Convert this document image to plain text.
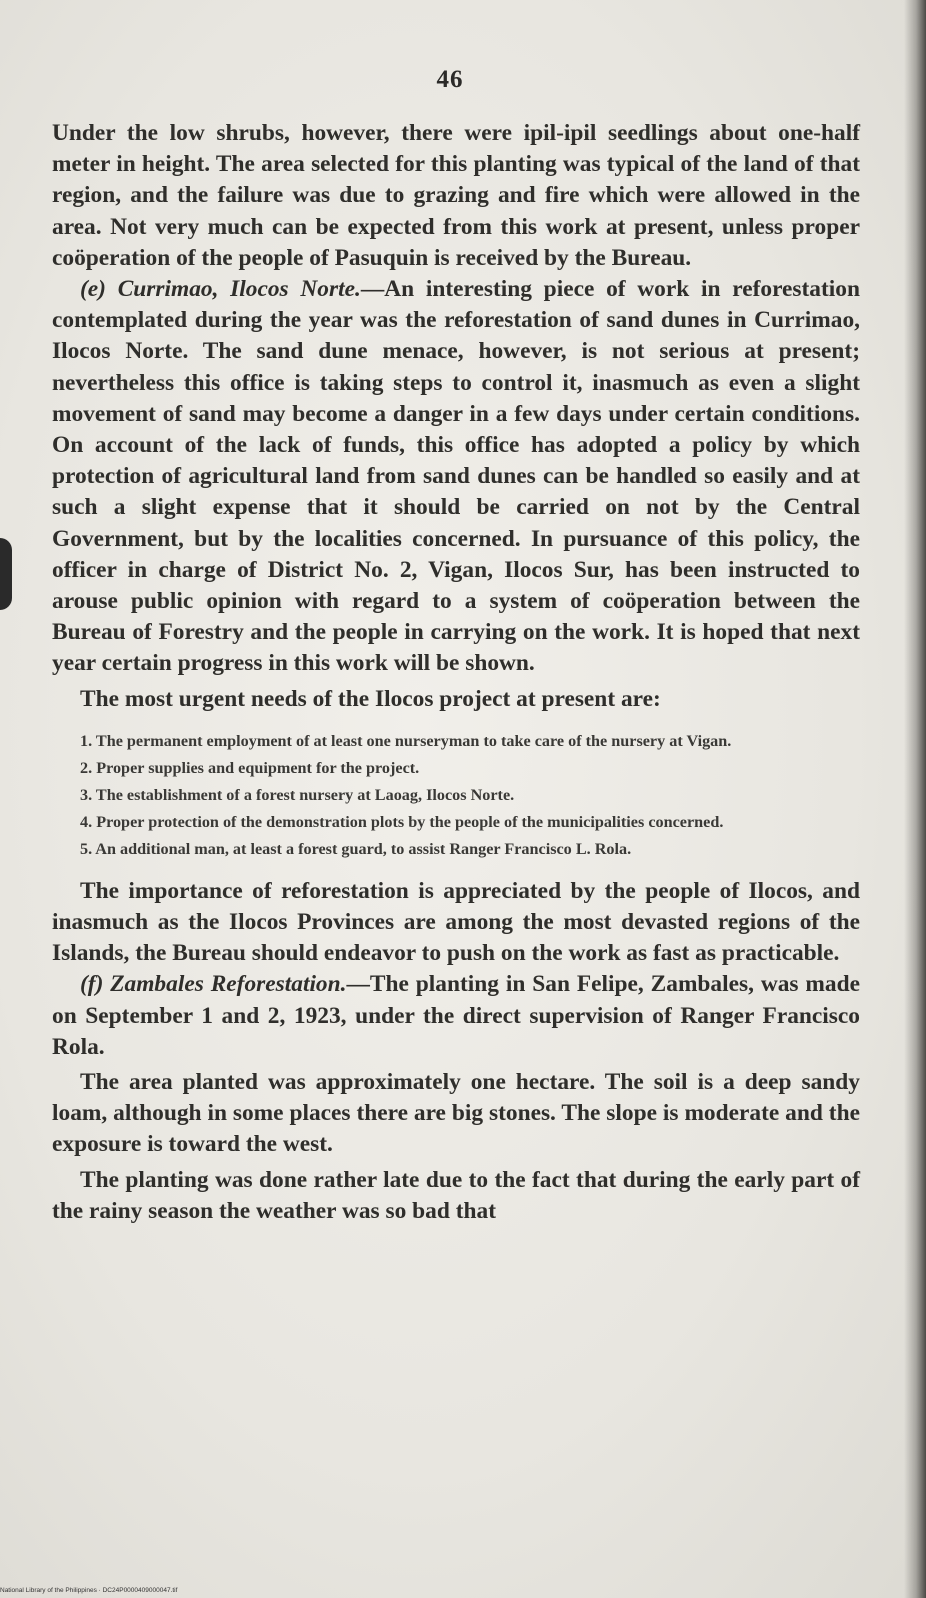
46

Under the low shrubs, however, there were ipil-ipil seedlings about one-half meter in height. The area selected for this planting was typical of the land of that region, and the failure was due to grazing and fire which were allowed in the area. Not very much can be expected from this work at present, unless proper coöperation of the people of Pasuquin is received by the Bureau.

(e) Currimao, Ilocos Norte.—An interesting piece of work in reforestation contemplated during the year was the reforestation of sand dunes in Currimao, Ilocos Norte. The sand dune menace, however, is not serious at present; nevertheless this office is taking steps to control it, inasmuch as even a slight movement of sand may become a danger in a few days under certain conditions. On account of the lack of funds, this office has adopted a policy by which protection of agricultural land from sand dunes can be handled so easily and at such a slight expense that it should be carried on not by the Central Government, but by the localities concerned. In pursuance of this policy, the officer in charge of District No. 2, Vigan, Ilocos Sur, has been instructed to arouse public opinion with regard to a system of coöperation between the Bureau of Forestry and the people in carrying on the work. It is hoped that next year certain progress in this work will be shown.

The most urgent needs of the Ilocos project at present are:

1. The permanent employment of at least one nurseryman to take care of the nursery at Vigan.

2. Proper supplies and equipment for the project.

3. The establishment of a forest nursery at Laoag, Ilocos Norte.

4. Proper protection of the demonstration plots by the people of the municipalities concerned.

5. An additional man, at least a forest guard, to assist Ranger Francisco L. Rola.

The importance of reforestation is appreciated by the people of Ilocos, and inasmuch as the Ilocos Provinces are among the most devasted regions of the Islands, the Bureau should endeavor to push on the work as fast as practicable.

(f) Zambales Reforestation.—The planting in San Felipe, Zambales, was made on September 1 and 2, 1923, under the direct supervision of Ranger Francisco Rola.

The area planted was approximately one hectare. The soil is a deep sandy loam, although in some places there are big stones. The slope is moderate and the exposure is toward the west.

The planting was done rather late due to the fact that during the early part of the rainy season the weather was so bad that

National Library of the Philippines · DC24P0000409000047.tif
